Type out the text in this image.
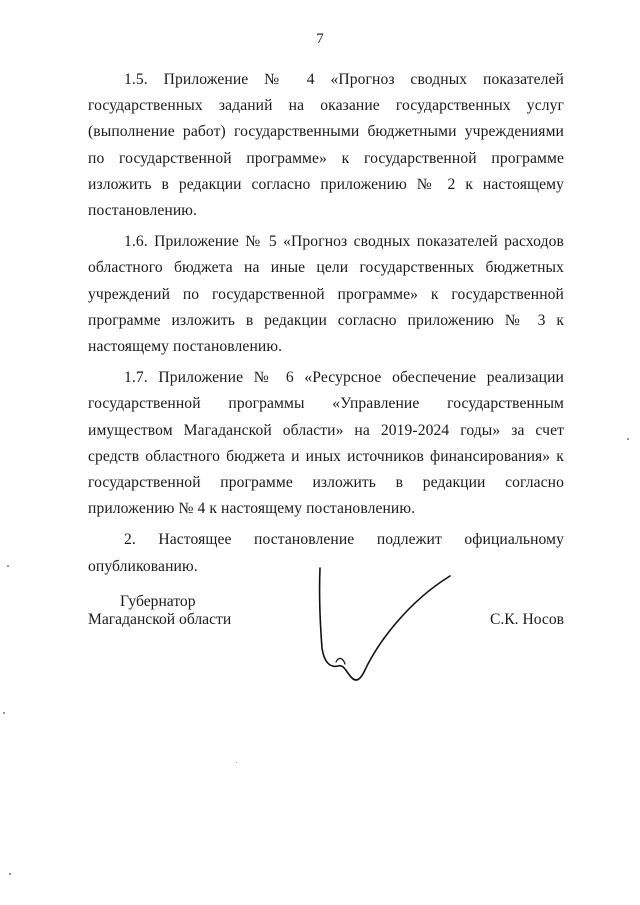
7

1.5. Приложение № 4 «Прогноз сводных показателей государственных заданий на оказание государственных услуг (выполнение работ) государственными бюджетными учреждениями по государственной программе» к государственной программе изложить в редакции согласно приложению № 2 к настоящему постановлению.

1.6. Приложение № 5 «Прогноз сводных показателей расходов областного бюджета на иные цели государственных бюджетных учреждений по государственной программе» к государственной программе изложить в редакции согласно приложению № 3 к настоящему постановлению.

1.7. Приложение № 6 «Ресурсное обеспечение реализации государственной программы «Управление государственным имуществом Магаданской области» на 2019-2024 годы» за счет средств областного бюджета и иных источников финансирования» к государственной программе изложить в редакции согласно приложению № 4 к настоящему постановлению.

2. Настоящее постановление подлежит официальному опубликованию.

Губернатор
Магаданской области	С.К. Носов
